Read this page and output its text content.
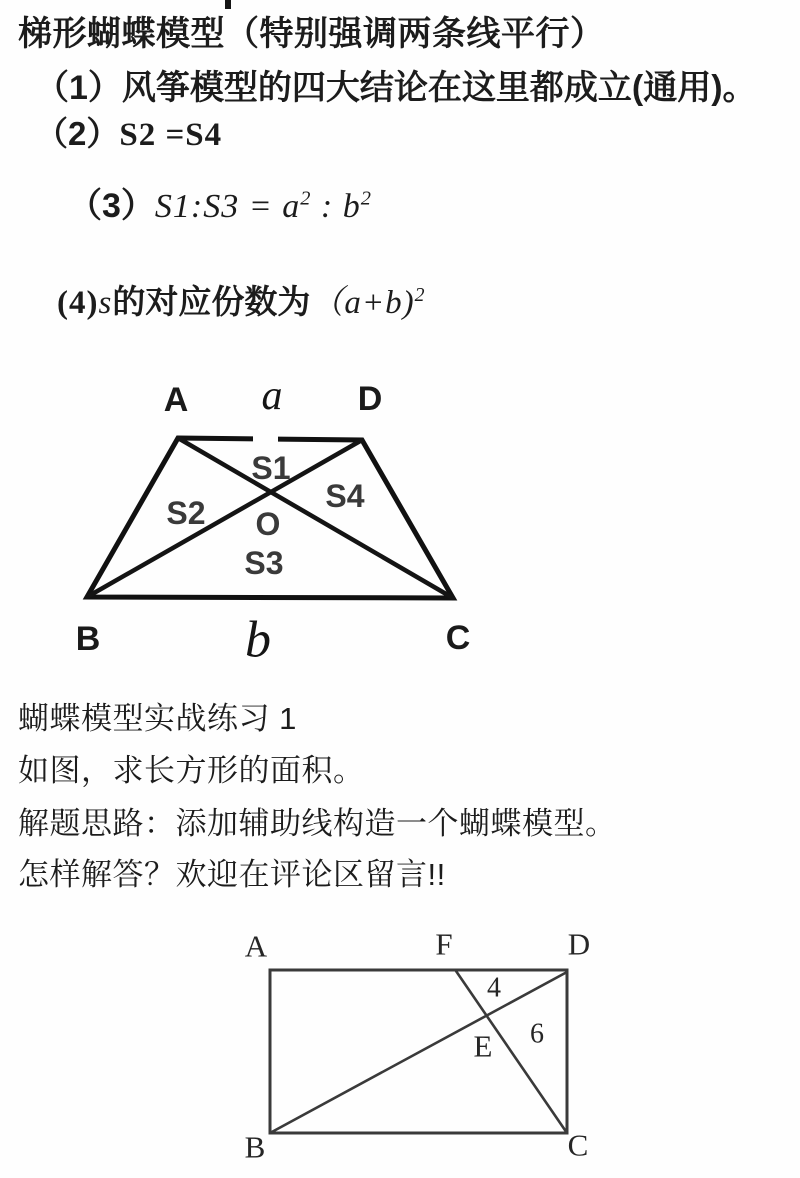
梯形蝴蝶模型（特别强调两条线平行）
（1）风筝模型的四大结论在这里都成立(通用)。
（2）S2 =S4
（3）S1:S3 = $a^2$ : $b^2$
(4)s的对应份数为（a+b)$^2$
A a D
S1
S2	S4
O
S3
B	b	C
蝴蝶模型实战练习 1
如图，求长方形的面积。
解题思路：添加辅助线构造一个蝴蝶模型。
怎样解答？欢迎在评论区留言!!
A	F	D
B	C
E
4
6
